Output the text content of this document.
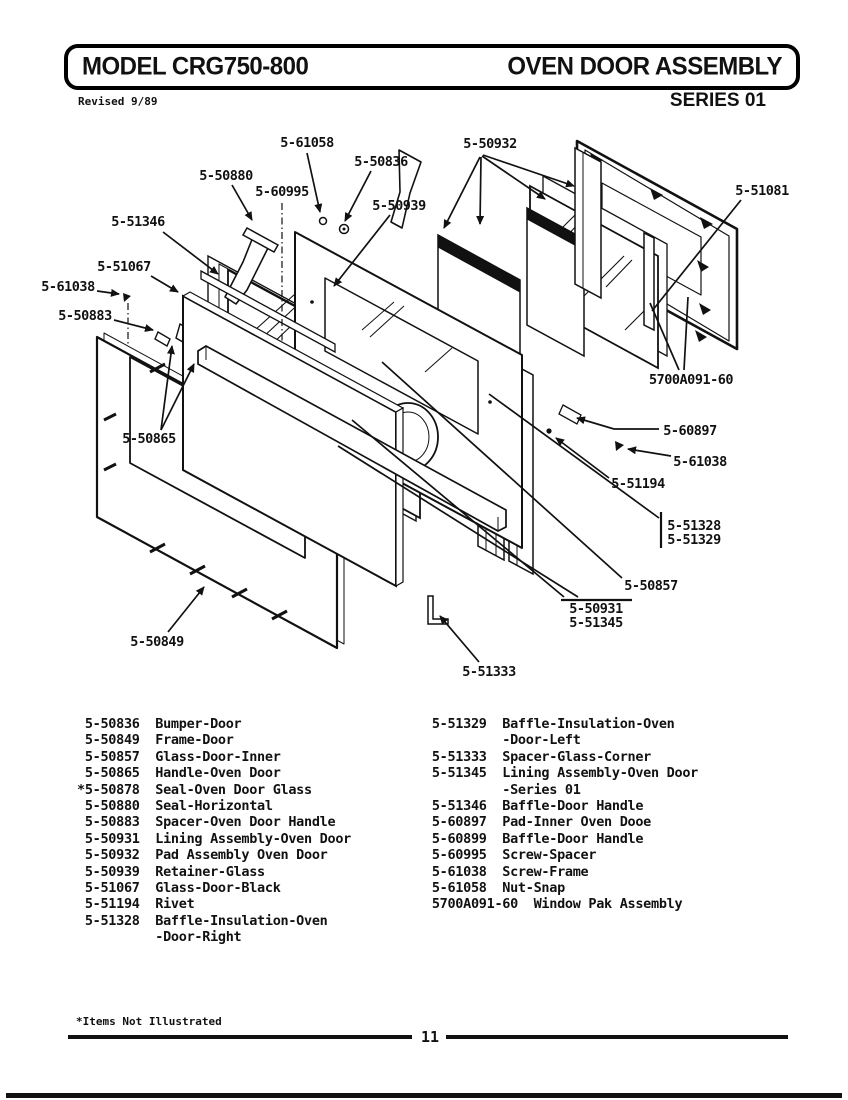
MODEL CRG750-800	OVEN DOOR ASSEMBLY
Revised 9/89	SERIES 01
5-61058
5-50836
5-50880
5-60995
5-50939
5-50932
5-51081
5700A091-60
5-51346
5-51067
5-61038
5-50883
5-50865	5-60897
5-61038
5-51194
5-51328
5-51329
5-50857
5-50931
5-51345
5-50849
5-51333
5-50836  Bumper-Door
5-50849  Frame-Door
5-50857  Glass-Door-Inner
5-50865  Handle-Oven Door
*5-50878  Seal-Oven Door Glass
5-50880  Seal-Horizontal
5-50883  Spacer-Oven Door Handle
5-50931  Lining Assembly-Oven Door
5-50932  Pad Assembly Oven Door
5-50939  Retainer-Glass
5-51067  Glass-Door-Black
5-51194  Rivet
5-51328  Baffle-Insulation-Oven
-Door-Right
5-51329  Baffle-Insulation-Oven
-Door-Left
5-51333  Spacer-Glass-Corner
5-51345  Lining Assembly-Oven Door
-Series 01
5-51346  Baffle-Door Handle
5-60897  Pad-Inner Oven Dooe
5-60899  Baffle-Door Handle
5-60995  Screw-Spacer
5-61038  Screw-Frame
5-61058  Nut-Snap
5700A091-60  Window Pak Assembly
*Items Not Illustrated
11
